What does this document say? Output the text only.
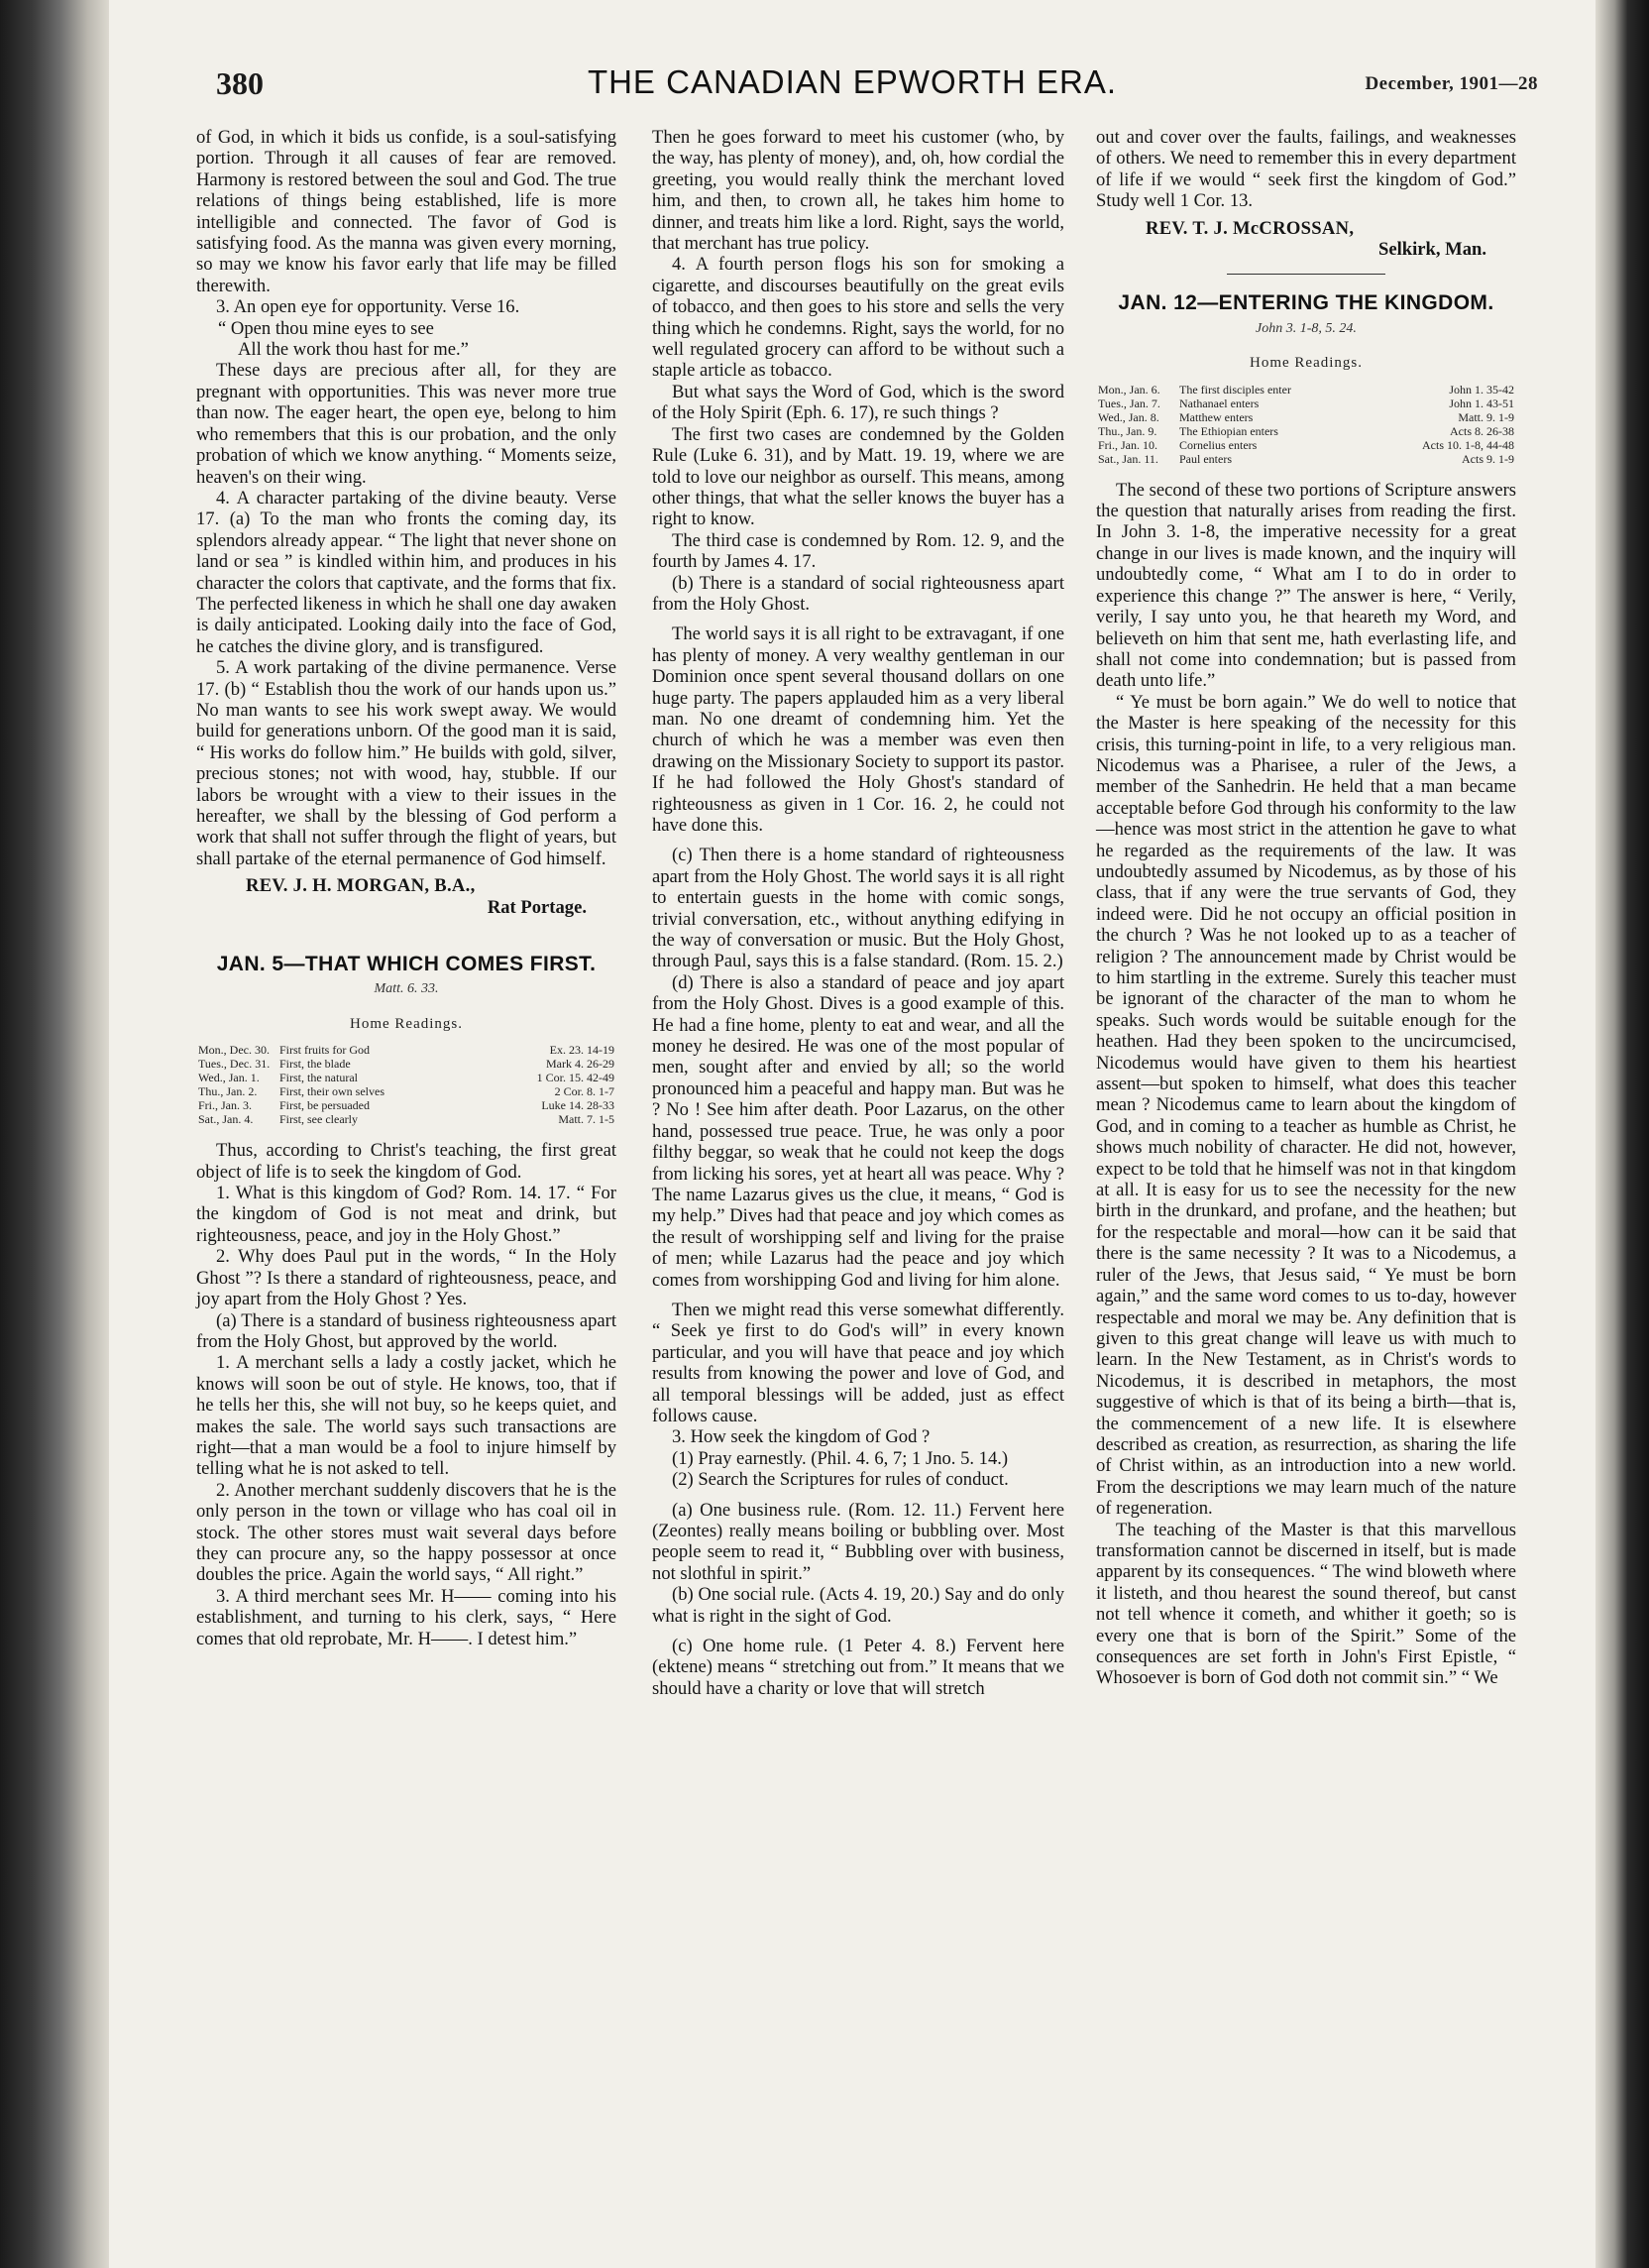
380	THE CANADIAN EPWORTH ERA.	December, 1901—28

of God, in which it bids us confide, is a soul-satisfying portion. Through it all causes of fear are removed. Harmony is restored between the soul and God. The true relations of things being established, life is more intelligible and connected. The favor of God is satisfying food. As the manna was given every morning, so may we know his favor early that life may be filled therewith.

3. An open eye for opportunity. Verse 16.

“ Open thou mine eyes to see

All the work thou hast for me.”

These days are precious after all, for they are pregnant with opportunities. This was never more true than now. The eager heart, the open eye, belong to him who remembers that this is our probation, and the only probation of which we know anything. “ Moments seize, heaven's on their wing.

4. A character partaking of the divine beauty. Verse 17. (a) To the man who fronts the coming day, its splendors already appear. “ The light that never shone on land or sea ” is kindled within him, and produces in his character the colors that captivate, and the forms that fix. The perfected likeness in which he shall one day awaken is daily anticipated. Looking daily into the face of God, he catches the divine glory, and is transfigured.

5. A work partaking of the divine permanence. Verse 17. (b) “ Establish thou the work of our hands upon us.” No man wants to see his work swept away. We would build for generations unborn. Of the good man it is said, “ His works do follow him.” He builds with gold, silver, precious stones; not with wood, hay, stubble. If our labors be wrought with a view to their issues in the hereafter, we shall by the blessing of God perform a work that shall not suffer through the flight of years, but shall partake of the eternal permanence of God himself.

REV. J. H. MORGAN, B.A.,

Rat Portage.

JAN. 5—THAT WHICH COMES FIRST.
Matt. 6. 33.
Home Readings.
Mon., Dec. 30.	First fruits for God	Ex. 23. 14-19
Tues., Dec. 31.	First, the blade	Mark 4. 26-29
Wed., Jan. 1.	First, the natural	1 Cor. 15. 42-49
Thu., Jan. 2.	First, their own selves	2 Cor. 8. 1-7
Fri., Jan. 3.	First, be persuaded	Luke 14. 28-33
Sat., Jan. 4.	First, see clearly	Matt. 7. 1-5

Thus, according to Christ's teaching, the first great object of life is to seek the kingdom of God.

1. What is this kingdom of God? Rom. 14. 17. “ For the kingdom of God is not meat and drink, but righteousness, peace, and joy in the Holy Ghost.”

2. Why does Paul put in the words, “ In the Holy Ghost ”? Is there a standard of righteousness, peace, and joy apart from the Holy Ghost ? Yes.

(a) There is a standard of business righteousness apart from the Holy Ghost, but approved by the world.

1. A merchant sells a lady a costly jacket, which he knows will soon be out of style. He knows, too, that if he tells her this, she will not buy, so he keeps quiet, and makes the sale. The world says such transactions are right—that a man would be a fool to injure himself by telling what he is not asked to tell.

2. Another merchant suddenly discovers that he is the only person in the town or village who has coal oil in stock. The other stores must wait several days before they can procure any, so the happy possessor at once doubles the price. Again the world says, “ All right.”

3. A third merchant sees Mr. H—— coming into his establishment, and turning to his clerk, says, “ Here comes that old reprobate, Mr. H——. I detest him.”

Then he goes forward to meet his customer (who, by the way, has plenty of money), and, oh, how cordial the greeting, you would really think the merchant loved him, and then, to crown all, he takes him home to dinner, and treats him like a lord. Right, says the world, that merchant has true policy.

4. A fourth person flogs his son for smoking a cigarette, and discourses beautifully on the great evils of tobacco, and then goes to his store and sells the very thing which he condemns. Right, says the world, for no well regulated grocery can afford to be without such a staple article as tobacco.

But what says the Word of God, which is the sword of the Holy Spirit (Eph. 6. 17), re such things ?

The first two cases are condemned by the Golden Rule (Luke 6. 31), and by Matt. 19. 19, where we are told to love our neighbor as ourself. This means, among other things, that what the seller knows the buyer has a right to know.

The third case is condemned by Rom. 12. 9, and the fourth by James 4. 17.

(b) There is a standard of social righteousness apart from the Holy Ghost.

The world says it is all right to be extravagant, if one has plenty of money. A very wealthy gentleman in our Dominion once spent several thousand dollars on one huge party. The papers applauded him as a very liberal man. No one dreamt of condemning him. Yet the church of which he was a member was even then drawing on the Missionary Society to support its pastor. If he had followed the Holy Ghost's standard of righteousness as given in 1 Cor. 16. 2, he could not have done this.

(c) Then there is a home standard of righteousness apart from the Holy Ghost. The world says it is all right to entertain guests in the home with comic songs, trivial conversation, etc., without anything edifying in the way of conversation or music. But the Holy Ghost, through Paul, says this is a false standard. (Rom. 15. 2.)

(d) There is also a standard of peace and joy apart from the Holy Ghost. Dives is a good example of this. He had a fine home, plenty to eat and wear, and all the money he desired. He was one of the most popular of men, sought after and envied by all; so the world pronounced him a peaceful and happy man. But was he ? No ! See him after death. Poor Lazarus, on the other hand, possessed true peace. True, he was only a poor filthy beggar, so weak that he could not keep the dogs from licking his sores, yet at heart all was peace. Why ? The name Lazarus gives us the clue, it means, “ God is my help.” Dives had that peace and joy which comes as the result of worshipping self and living for the praise of men; while Lazarus had the peace and joy which comes from worshipping God and living for him alone.

Then we might read this verse somewhat differently. “ Seek ye first to do God's will” in every known particular, and you will have that peace and joy which results from knowing the power and love of God, and all temporal blessings will be added, just as effect follows cause.

3. How seek the kingdom of God ?

(1) Pray earnestly. (Phil. 4. 6, 7; 1 Jno. 5. 14.)

(2) Search the Scriptures for rules of conduct.

(a) One business rule. (Rom. 12. 11.) Fervent here (Zeontes) really means boiling or bubbling over. Most people seem to read it, “ Bubbling over with business, not slothful in spirit.”

(b) One social rule. (Acts 4. 19, 20.) Say and do only what is right in the sight of God.

(c) One home rule. (1 Peter 4. 8.) Fervent here (ektene) means “ stretching out from.” It means that we should have a charity or love that will stretch

out and cover over the faults, failings, and weaknesses of others. We need to remember this in every department of life if we would “ seek first the kingdom of God.” Study well 1 Cor. 13.

REV. T. J. McCROSSAN,

Selkirk, Man.

JAN. 12—ENTERING THE KINGDOM.
John 3. 1-8, 5. 24.
Home Readings.
Mon., Jan. 6.	The first disciples enter	John 1. 35-42
Tues., Jan. 7.	Nathanael enters	John 1. 43-51
Wed., Jan. 8.	Matthew enters	Matt. 9. 1-9
Thu., Jan. 9.	The Ethiopian enters	Acts 8. 26-38
Fri., Jan. 10.	Cornelius enters	Acts 10. 1-8, 44-48
Sat., Jan. 11.	Paul enters	Acts 9. 1-9

The second of these two portions of Scripture answers the question that naturally arises from reading the first. In John 3. 1-8, the imperative necessity for a great change in our lives is made known, and the inquiry will undoubtedly come, “ What am I to do in order to experience this change ?” The answer is here, “ Verily, verily, I say unto you, he that heareth my Word, and believeth on him that sent me, hath everlasting life, and shall not come into condemnation; but is passed from death unto life.”

“ Ye must be born again.” We do well to notice that the Master is here speaking of the necessity for this crisis, this turning-point in life, to a very religious man. Nicodemus was a Pharisee, a ruler of the Jews, a member of the Sanhedrin. He held that a man became acceptable before God through his conformity to the law—hence was most strict in the attention he gave to what he regarded as the requirements of the law. It was undoubtedly assumed by Nicodemus, as by those of his class, that if any were the true servants of God, they indeed were. Did he not occupy an official position in the church ? Was he not looked up to as a teacher of religion ? The announcement made by Christ would be to him startling in the extreme. Surely this teacher must be ignorant of the character of the man to whom he speaks. Such words would be suitable enough for the heathen. Had they been spoken to the uncircumcised, Nicodemus would have given to them his heartiest assent—but spoken to himself, what does this teacher mean ? Nicodemus came to learn about the kingdom of God, and in coming to a teacher as humble as Christ, he shows much nobility of character. He did not, however, expect to be told that he himself was not in that kingdom at all. It is easy for us to see the necessity for the new birth in the drunkard, and profane, and the heathen; but for the respectable and moral—how can it be said that there is the same necessity ? It was to a Nicodemus, a ruler of the Jews, that Jesus said, “ Ye must be born again,” and the same word comes to us to-day, however respectable and moral we may be. Any definition that is given to this great change will leave us with much to learn. In the New Testament, as in Christ's words to Nicodemus, it is described in metaphors, the most suggestive of which is that of its being a birth—that is, the commencement of a new life. It is elsewhere described as creation, as resurrection, as sharing the life of Christ within, as an introduction into a new world. From the descriptions we may learn much of the nature of regeneration.

The teaching of the Master is that this marvellous transformation cannot be discerned in itself, but is made apparent by its consequences. “ The wind bloweth where it listeth, and thou hearest the sound thereof, but canst not tell whence it cometh, and whither it goeth; so is every one that is born of the Spirit.” Some of the consequences are set forth in John's First Epistle, “ Whosoever is born of God doth not commit sin.” “ We
